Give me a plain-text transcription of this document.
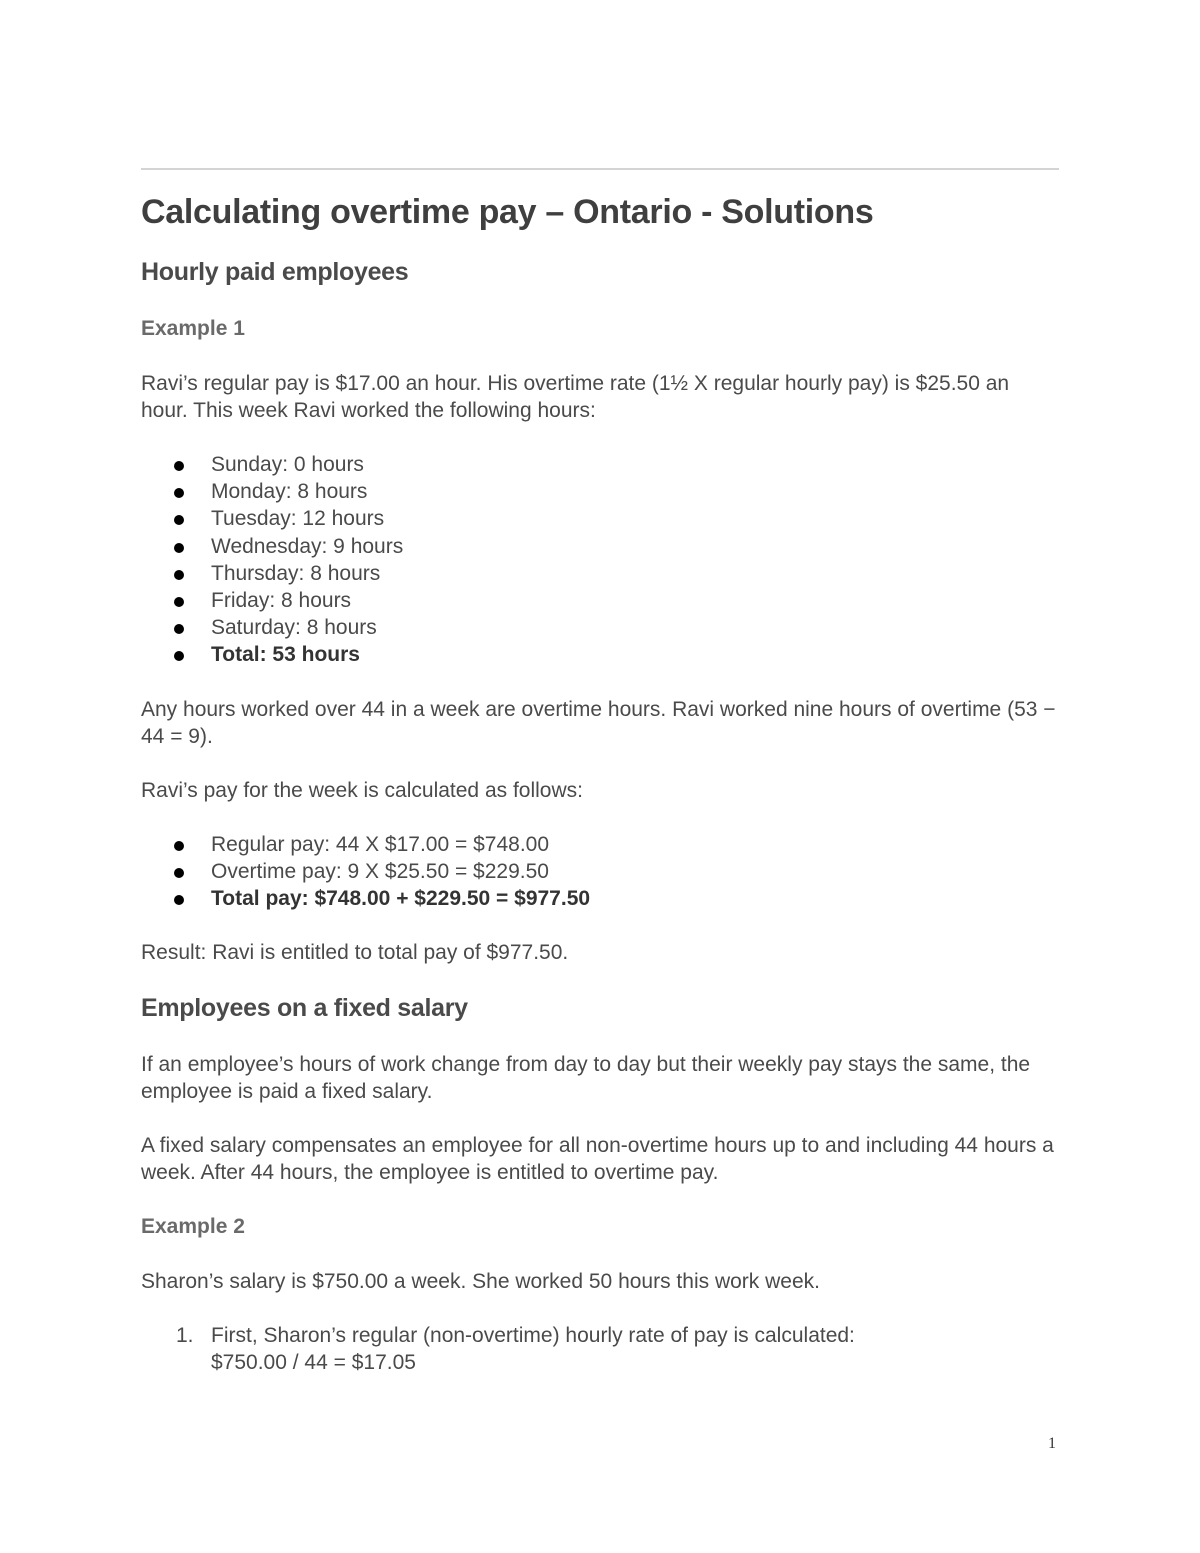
Calculating overtime pay – Ontario - Solutions
Hourly paid employees
Example 1

Ravi’s regular pay is $17.00 an hour. His overtime rate (1½ X regular hourly pay) is $25.50 an hour. This week Ravi worked the following hours:

Sunday: 0 hours
Monday: 8 hours
Tuesday: 12 hours
Wednesday: 9 hours
Thursday: 8 hours
Friday: 8 hours
Saturday: 8 hours
Total: 53 hours

Any hours worked over 44 in a week are overtime hours. Ravi worked nine hours of overtime (53 − 44 = 9).

Ravi’s pay for the week is calculated as follows:

Regular pay: 44 X $17.00 = $748.00
Overtime pay: 9 X $25.50 = $229.50
Total pay: $748.00 + $229.50 = $977.50

Result: Ravi is entitled to total pay of $977.50.

Employees on a fixed salary

If an employee’s hours of work change from day to day but their weekly pay stays the same, the employee is paid a fixed salary.

A fixed salary compensates an employee for all non-overtime hours up to and including 44 hours a week. After 44 hours, the employee is entitled to overtime pay.

Example 2

Sharon’s salary is $750.00 a week. She worked 50 hours this work week.

1. First, Sharon’s regular (non-overtime) hourly rate of pay is calculated:
$750.00 / 44 = $17.05
1
